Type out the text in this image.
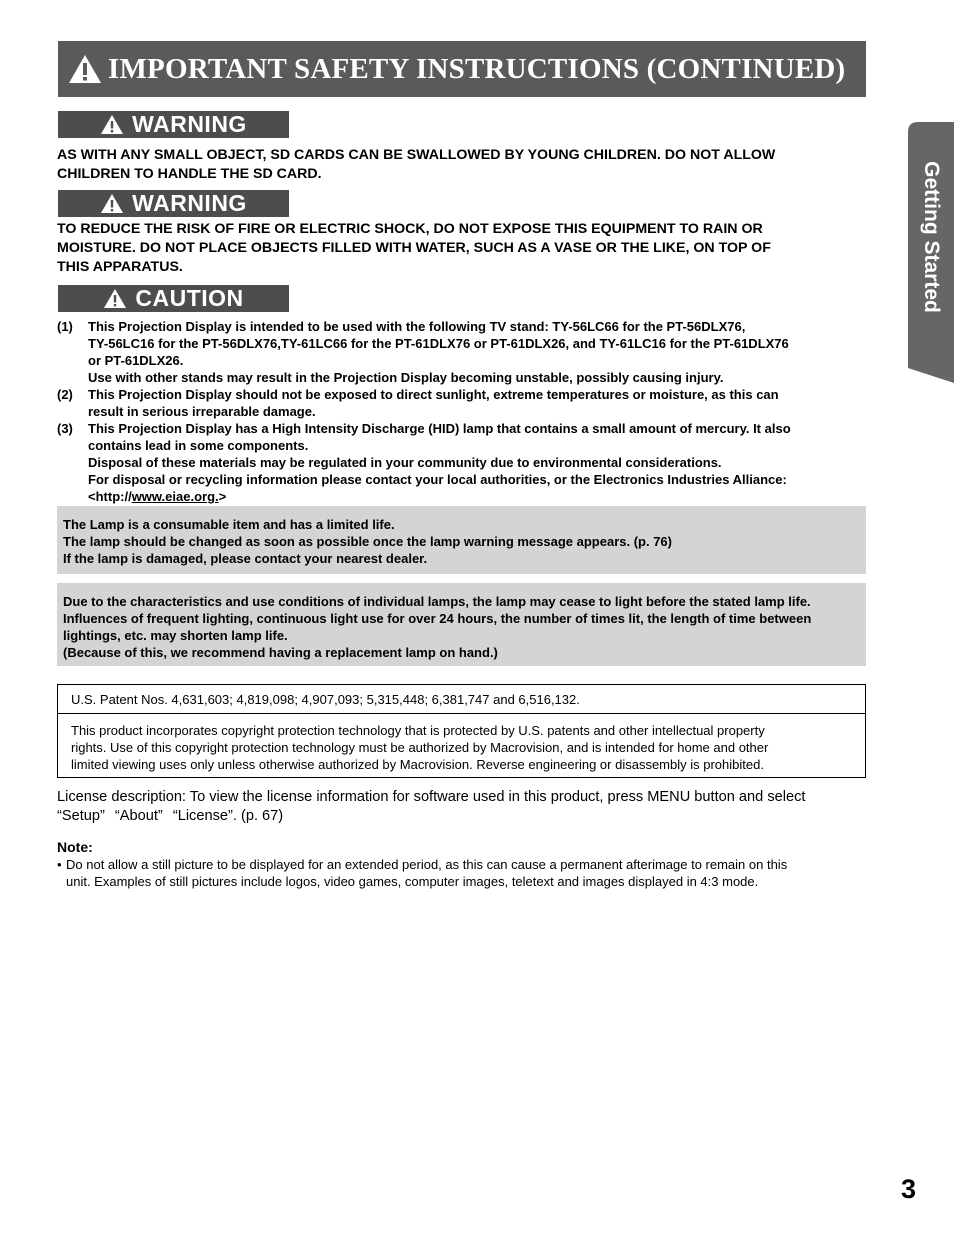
IMPORTANT SAFETY INSTRUCTIONS (CONTINUED)
WARNING
AS WITH ANY SMALL OBJECT, SD CARDS CAN BE SWALLOWED BY YOUNG CHILDREN. DO NOT ALLOW
CHILDREN TO HANDLE THE SD CARD.
WARNING
TO REDUCE THE RISK OF FIRE OR ELECTRIC SHOCK, DO NOT EXPOSE THIS EQUIPMENT TO RAIN OR
MOISTURE. DO NOT PLACE OBJECTS FILLED WITH WATER, SUCH AS A VASE OR THE LIKE, ON TOP OF
THIS APPARATUS.
CAUTION
(1)	This Projection Display is intended to be used with the following TV stand: TY-56LC66 for the PT-56DLX76,

TY-56LC16 for the PT-56DLX76,TY-61LC66 for the PT-61DLX76 or PT-61DLX26, and TY-61LC16 for the PT-61DLX76

or PT-61DLX26.

Use with other stands may result in the Projection Display becoming unstable, possibly causing injury.

(2)	This Projection Display should not be exposed to direct sunlight, extreme temperatures or moisture, as this can

result in serious irreparable damage.

(3)	This Projection Display has a High Intensity Discharge (HID) lamp that contains a small amount of mercury. It also

contains lead in some components.

Disposal of these materials may be regulated in your community due to environmental considerations.

For disposal or recycling information please contact your local authorities, or the Electronics Industries Alliance:

<http://www.eiae.org.>

The Lamp is a consumable item and has a limited life.

The lamp should be changed as soon as possible once the lamp warning message appears. (p. 76)

If the lamp is damaged, please contact your nearest dealer.

Due to the characteristics and use conditions of individual lamps, the lamp may cease to light before the stated lamp life.

Influences of frequent lighting, continuous light use for over 24 hours, the number of times lit, the length of time between

lightings, etc. may shorten lamp life.

(Because of this, we recommend having a replacement lamp on hand.)

U.S. Patent Nos. 4,631,603; 4,819,098; 4,907,093; 5,315,448; 6,381,747 and 6,516,132.
This product incorporates copyright protection technology that is protected by U.S. patents and other intellectual property
rights. Use of this copyright protection technology must be authorized by Macrovision, and is intended for home and other
limited viewing uses only unless otherwise authorized by Macrovision. Reverse engineering or disassembly is prohibited.
License description: To view the license information for software used in this product, press MENU button and select
“Setup” “About” “License”. (p. 67)
Note:
• Do not allow a still picture to be displayed for an extended period, as this can cause a permanent afterimage to remain on this
unit. Examples of still pictures include logos, video games, computer images, teletext and images displayed in 4:3 mode.
Getting Started
3
